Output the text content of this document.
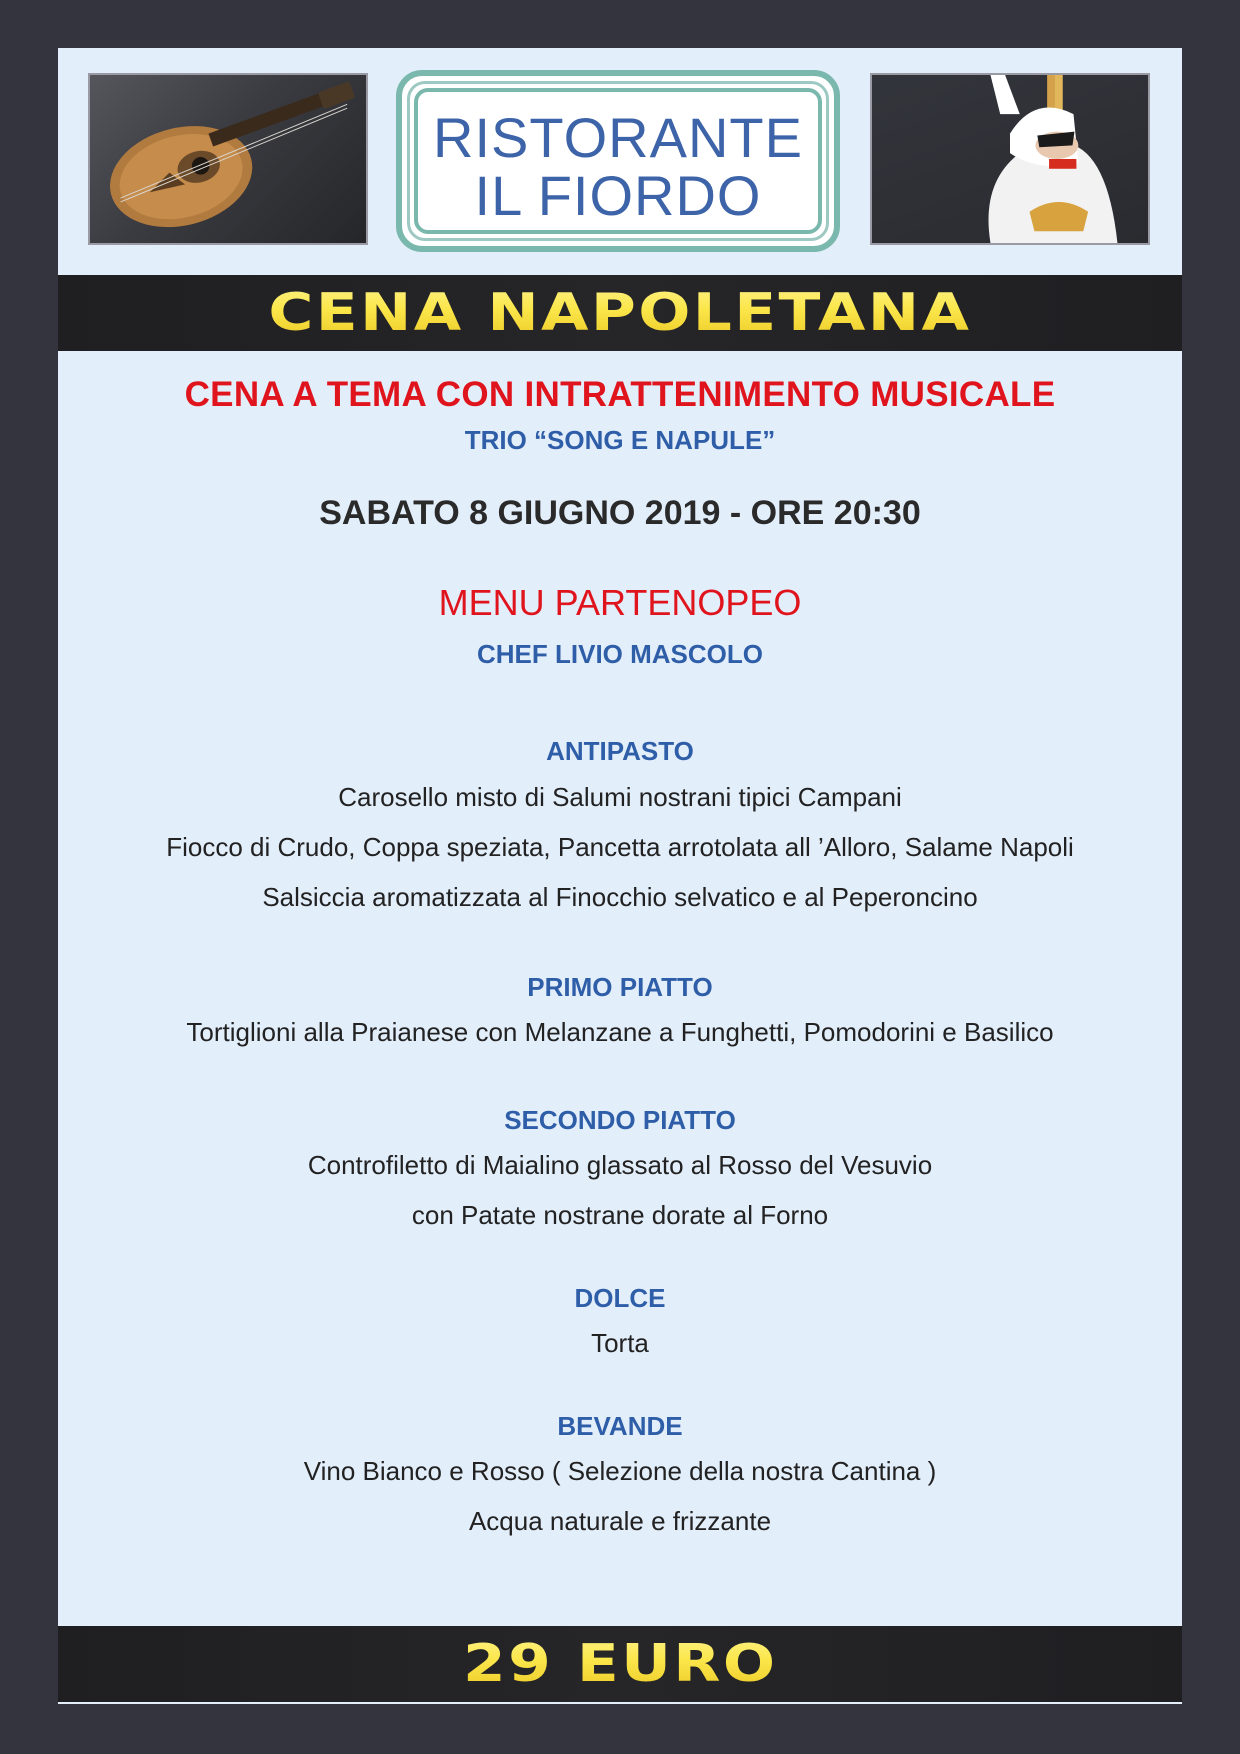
RISTORANTE
IL FIORDO
CENA NAPOLETANA

CENA A TEMA CON INTRATTENIMENTO MUSICALE

TRIO “SONG E NAPULE”

SABATO 8 GIUGNO 2019 - ORE 20:30

MENU PARTENOPEO

CHEF LIVIO MASCOLO

ANTIPASTO

Carosello misto di Salumi nostrani tipici Campani

Fiocco di Crudo, Coppa speziata, Pancetta arrotolata all ’Alloro, Salame Napoli

Salsiccia aromatizzata al Finocchio selvatico e al Peperoncino

PRIMO PIATTO

Tortiglioni alla Praianese con Melanzane a Funghetti, Pomodorini e Basilico

SECONDO PIATTO

Controfiletto di Maialino glassato al Rosso del Vesuvio

con Patate nostrane dorate al Forno

DOLCE

Torta

BEVANDE

Vino Bianco e Rosso ( Selezione della nostra Cantina )

Acqua naturale e frizzante

29 EURO
